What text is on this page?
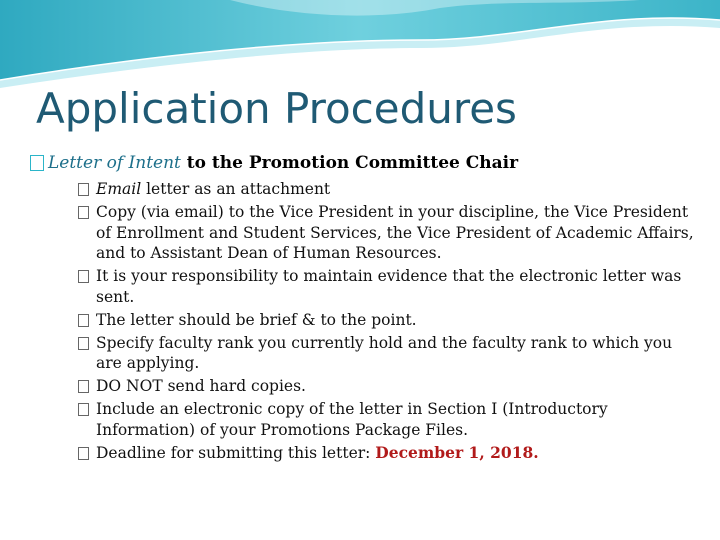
Application Procedures
Letter of Intent to the Promotion Committee Chair
Email letter as an attachment
Copy (via email) to the Vice President in your discipline, the Vice President of Enrollment and Student Services, the Vice President of Academic Affairs, and to Assistant Dean of Human Resources.
It is your responsibility to maintain evidence that the electronic letter was sent.
The letter should be brief & to the point.
Specify faculty rank you currently hold and the faculty rank to which you are applying.
DO NOT send hard copies.
Include an electronic copy of the letter in Section I (Introductory Information) of your Promotions Package Files.
Deadline for submitting this letter: December 1, 2018.
